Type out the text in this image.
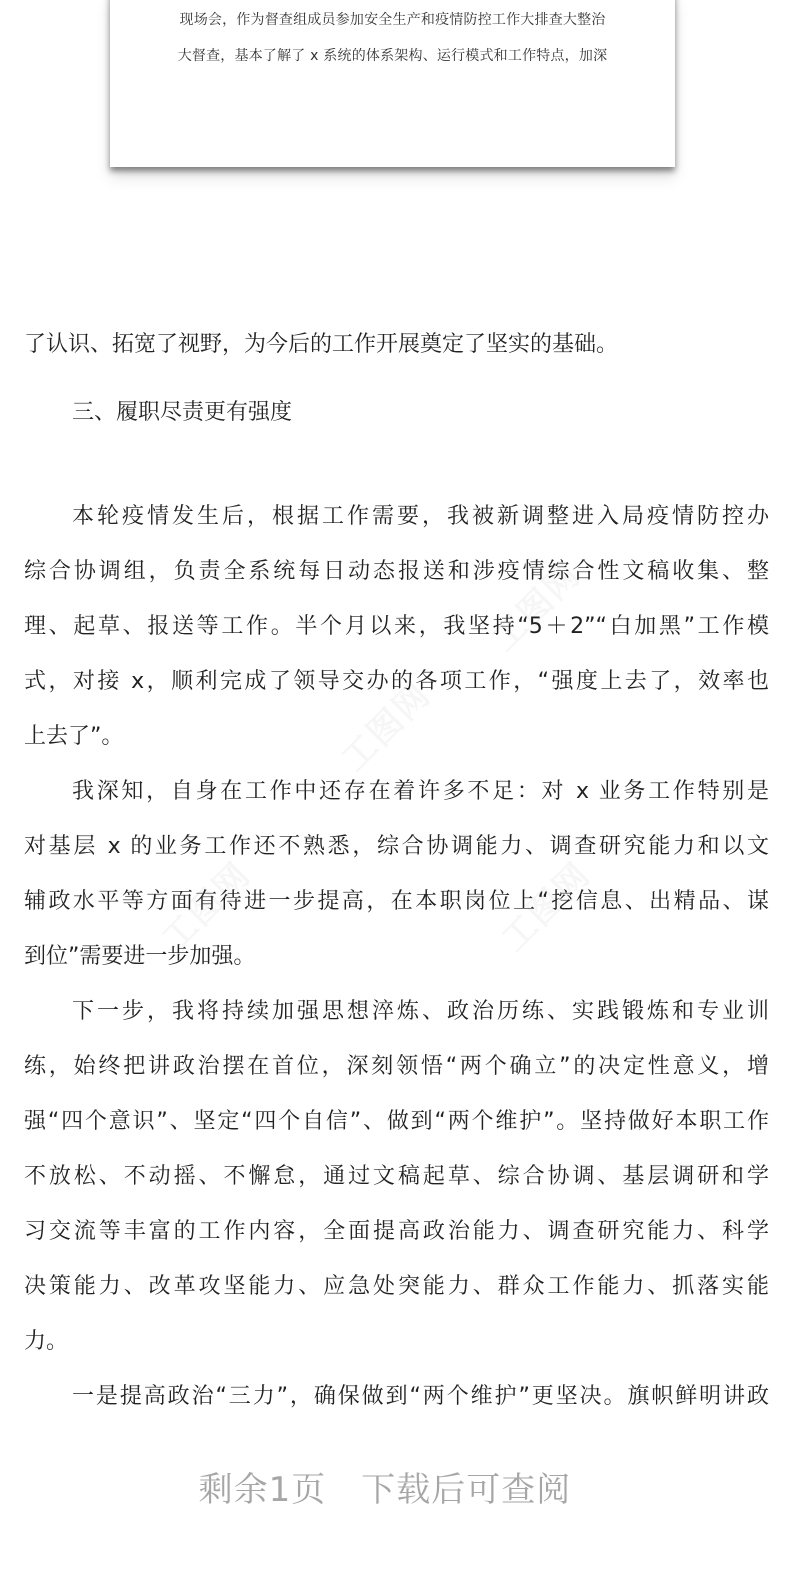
现场会，作为督查组成员参加安全生产和疫情防控工作大排查大整治
大督查，基本了解了 x 系统的体系架构、运行模式和工作特点，加深
工图网
工图网
工图网	工图网
了认识、拓宽了视野，为今后的工作开展奠定了坚实的基础。
三、履职尽责更有强度
本轮疫情发生后，根据工作需要，我被新调整进入局疫情防控办
综合协调组，负责全系统每日动态报送和涉疫情综合性文稿收集、整
理、起草、报送等工作。半个月以来，我坚持“5＋2”“白加黑”工作模
式，对接 x，顺利完成了领导交办的各项工作，“强度上去了，效率也
上去了”。
我深知，自身在工作中还存在着许多不足：对 x 业务工作特别是
对基层 x 的业务工作还不熟悉，综合协调能力、调查研究能力和以文
辅政水平等方面有待进一步提高，在本职岗位上“挖信息、出精品、谋
到位”需要进一步加强。
下一步，我将持续加强思想淬炼、政治历练、实践锻炼和专业训
练，始终把讲政治摆在首位，深刻领悟“两个确立”的决定性意义，增
强“四个意识”、坚定“四个自信”、做到“两个维护”。坚持做好本职工作
不放松、不动摇、不懈怠，通过文稿起草、综合协调、基层调研和学
习交流等丰富的工作内容，全面提高政治能力、调查研究能力、科学
决策能力、改革攻坚能力、应急处突能力、群众工作能力、抓落实能
力。
一是提高政治“三力”，确保做到“两个维护”更坚决。旗帜鲜明讲政
剩余1页　下载后可查阅
